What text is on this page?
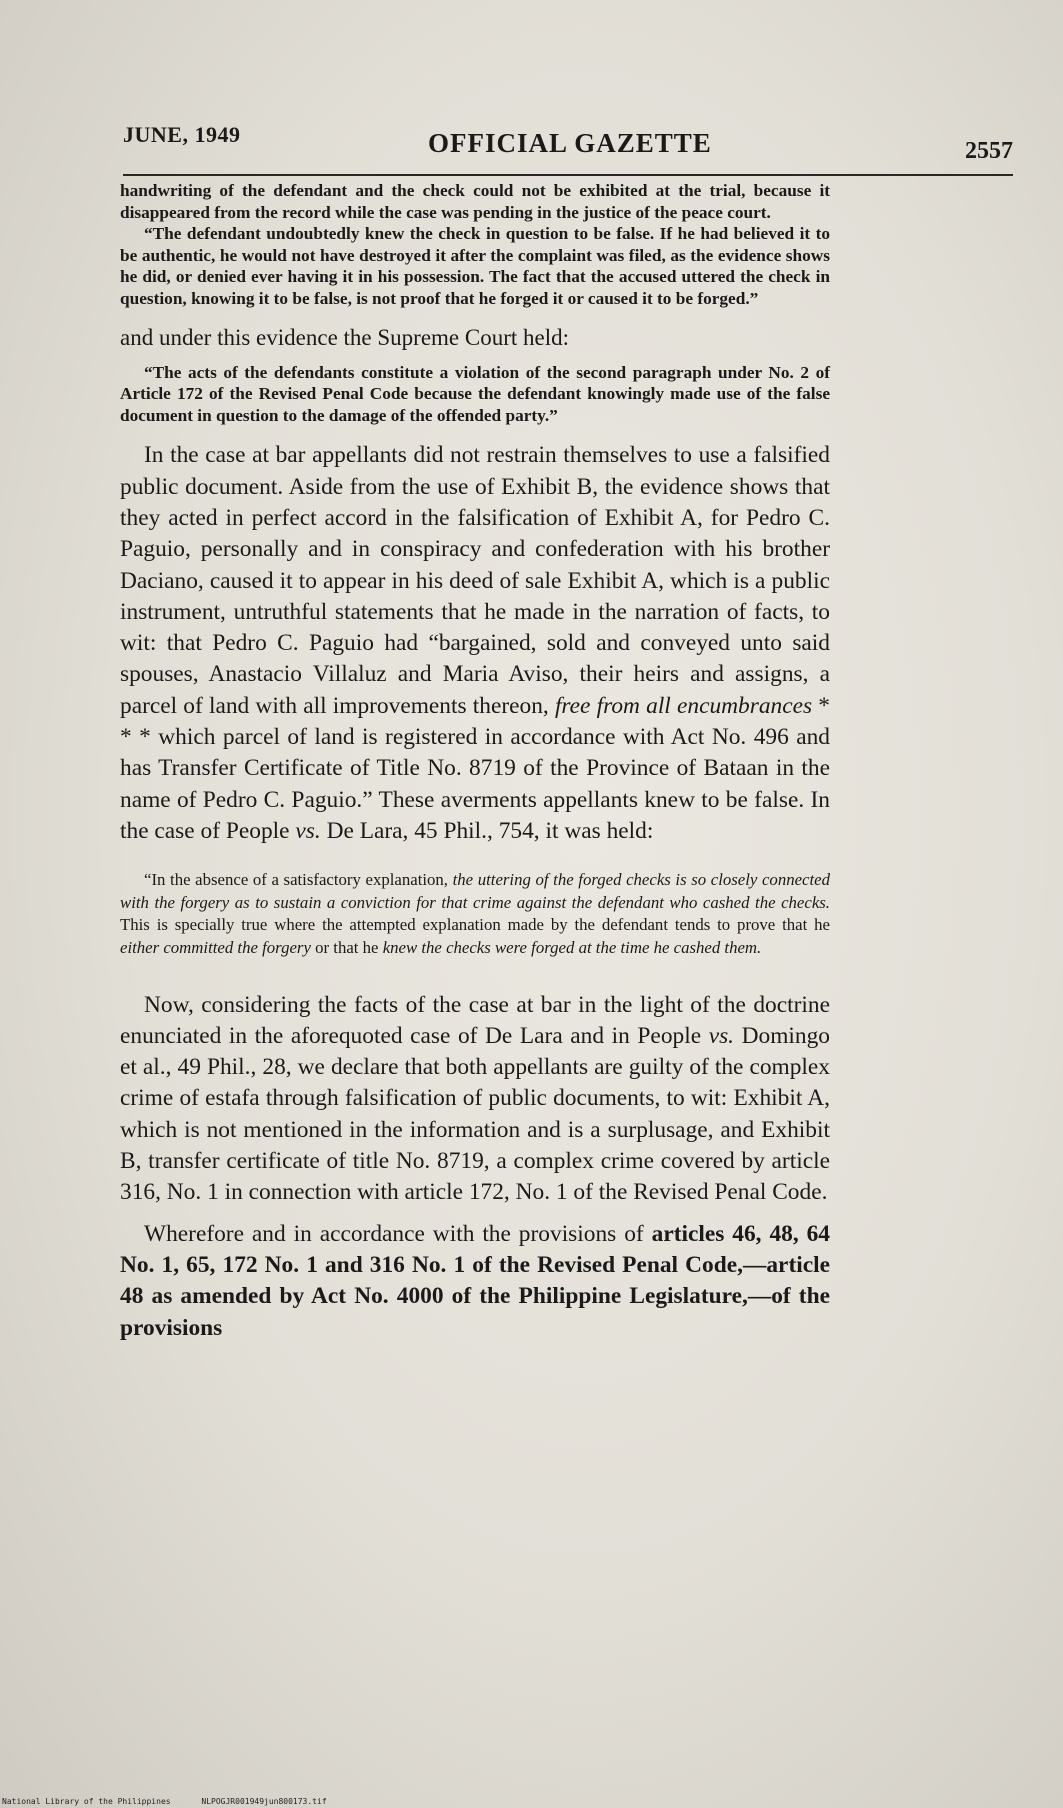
JUNE, 1949	OFFICIAL GAZETTE	2557

handwriting of the defendant and the check could not be exhibited at the trial, because it disappeared from the record while the case was pending in the justice of the peace court.

“The defendant undoubtedly knew the check in question to be false. If he had believed it to be authentic, he would not have destroyed it after the complaint was filed, as the evidence shows he did, or denied ever having it in his possession. The fact that the accused uttered the check in question, knowing it to be false, is not proof that he forged it or caused it to be forged.”

and under this evidence the Supreme Court held:

“The acts of the defendants constitute a violation of the second paragraph under No. 2 of Article 172 of the Revised Penal Code because the defendant knowingly made use of the false document in question to the damage of the offended party.”

In the case at bar appellants did not restrain themselves to use a falsified public document. Aside from the use of Exhibit B, the evidence shows that they acted in perfect accord in the falsification of Exhibit A, for Pedro C. Paguio, personally and in conspiracy and confederation with his brother Daciano, caused it to appear in his deed of sale Exhibit A, which is a public instrument, untruthful statements that he made in the narration of facts, to wit: that Pedro C. Paguio had “bargained, sold and conveyed unto said spouses, Anastacio Villaluz and Maria Aviso, their heirs and assigns, a parcel of land with all improvements thereon, free from all encumbrances * * * which parcel of land is registered in accordance with Act No. 496 and has Transfer Certificate of Title No. 8719 of the Province of Bataan in the name of Pedro C. Paguio.” These averments appellants knew to be false. In the case of People vs. De Lara, 45 Phil., 754, it was held:

“In the absence of a satisfactory explanation, the uttering of the forged checks is so closely connected with the forgery as to sustain a conviction for that crime against the defendant who cashed the checks. This is specially true where the attempted explanation made by the defendant tends to prove that he either committed the forgery or that he knew the checks were forged at the time he cashed them.

Now, considering the facts of the case at bar in the light of the doctrine enunciated in the aforequoted case of De Lara and in People vs. Domingo et al., 49 Phil., 28, we declare that both appellants are guilty of the complex crime of estafa through falsification of public documents, to wit: Exhibit A, which is not mentioned in the information and is a surplusage, and Exhibit B, transfer certificate of title No. 8719, a complex crime covered by article 316, No. 1 in connection with article 172, No. 1 of the Revised Penal Code.

Wherefore and in accordance with the provisions of articles 46, 48, 64 No. 1, 65, 172 No. 1 and 316 No. 1 of the Revised Penal Code,—article 48 as amended by Act No. 4000 of the Philippine Legislature,—of the provisions

National Library of the Philippines	NLPOGJR001949jun800173.tif
